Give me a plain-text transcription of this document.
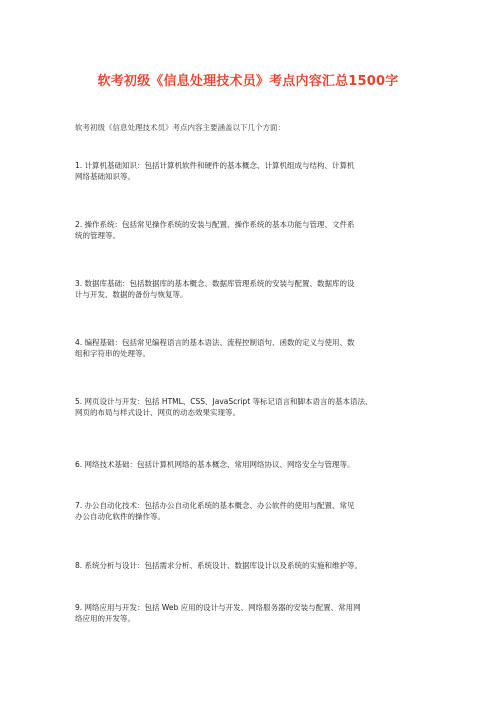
软考初级《信息处理技术员》考点内容汇总1500字
软考初级《信息处理技术员》考点内容主要涵盖以下几个方面：
1. 计算机基础知识：包括计算机软件和硬件的基本概念、计算机组成与结构、计算机
网络基础知识等。
2. 操作系统：包括常见操作系统的安装与配置、操作系统的基本功能与管理、文件系
统的管理等。
3. 数据库基础：包括数据库的基本概念、数据库管理系统的安装与配置、数据库的设
计与开发、数据的备份与恢复等。
4. 编程基础：包括常见编程语言的基本语法、流程控制语句、函数的定义与使用、数
组和字符串的处理等。
5. 网页设计与开发：包括 HTML、CSS、JavaScript 等标记语言和脚本语言的基本语法、
网页的布局与样式设计、网页的动态效果实现等。
6. 网络技术基础：包括计算机网络的基本概念、常用网络协议、网络安全与管理等。
7. 办公自动化技术：包括办公自动化系统的基本概念、办公软件的使用与配置、常见
办公自动化软件的操作等。
8. 系统分析与设计：包括需求分析、系统设计、数据库设计以及系统的实施和维护等。
9. 网络应用与开发：包括 Web 应用的设计与开发、网络服务器的安装与配置、常用网
络应用的开发等。
